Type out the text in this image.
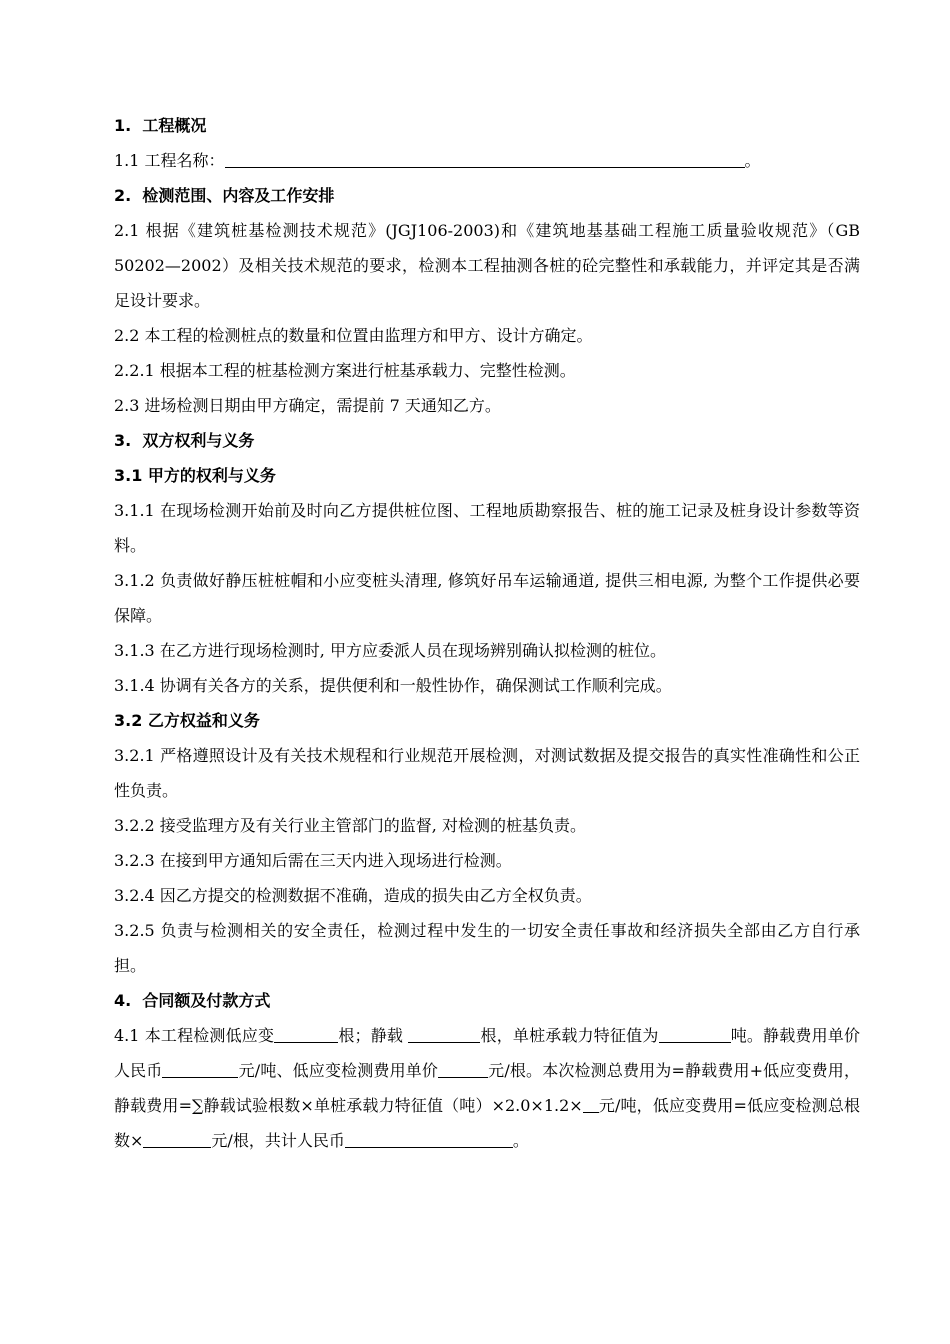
1.  工程概况

1.1 工程名称：	。

2.  检测范围、内容及工作安排

2.1 根据《建筑桩基检测技术规范》(JGJ106-2003)和《建筑地基基础工程施工质量验收规范》（GB 50202—2002）及相关技术规范的要求，检测本工程抽测各桩的砼完整性和承载能力，并评定其是否满足设计要求。

2.2 本工程的检测桩点的数量和位置由监理方和甲方、设计方确定。

2.2.1 根据本工程的桩基检测方案进行桩基承载力、完整性检测。

2.3 进场检测日期由甲方确定，需提前 7 天通知乙方。

3.  双方权利与义务

3.1 甲方的权利与义务

3.1.1 在现场检测开始前及时向乙方提供桩位图、工程地质勘察报告、桩的施工记录及桩身设计参数等资料。

3.1.2 负责做好静压桩桩帽和小应变桩头清理, 修筑好吊车运输通道, 提供三相电源, 为整个工作提供必要保障。

3.1.3 在乙方进行现场检测时, 甲方应委派人员在现场辨别确认拟检测的桩位。

3.1.4 协调有关各方的关系，提供便利和一般性协作，确保测试工作顺利完成。

3.2 乙方权益和义务

3.2.1 严格遵照设计及有关技术规程和行业规范开展检测，对测试数据及提交报告的真实性准确性和公正性负责。

3.2.2 接受监理方及有关行业主管部门的监督, 对检测的桩基负责。

3.2.3 在接到甲方通知后需在三天内进入现场进行检测。

3.2.4 因乙方提交的检测数据不准确，造成的损失由乙方全权负责。

3.2.5 负责与检测相关的安全责任，检测过程中发生的一切安全责任事故和经济损失全部由乙方自行承担。

4.  合同额及付款方式

4.1 本工程检测低应变	根；静载	根，单桩承载力特征值为	吨。静载费用单价人民币	元/吨、低应变检测费用单价	元/根。本次检测总费用为=静载费用+低应变费用，静载费用=∑静载试验根数×单桩承载力特征值（吨）×2.0×1.2× 元/吨，低应变费用=低应变检测总根数×	元/根，共计人民币	。
